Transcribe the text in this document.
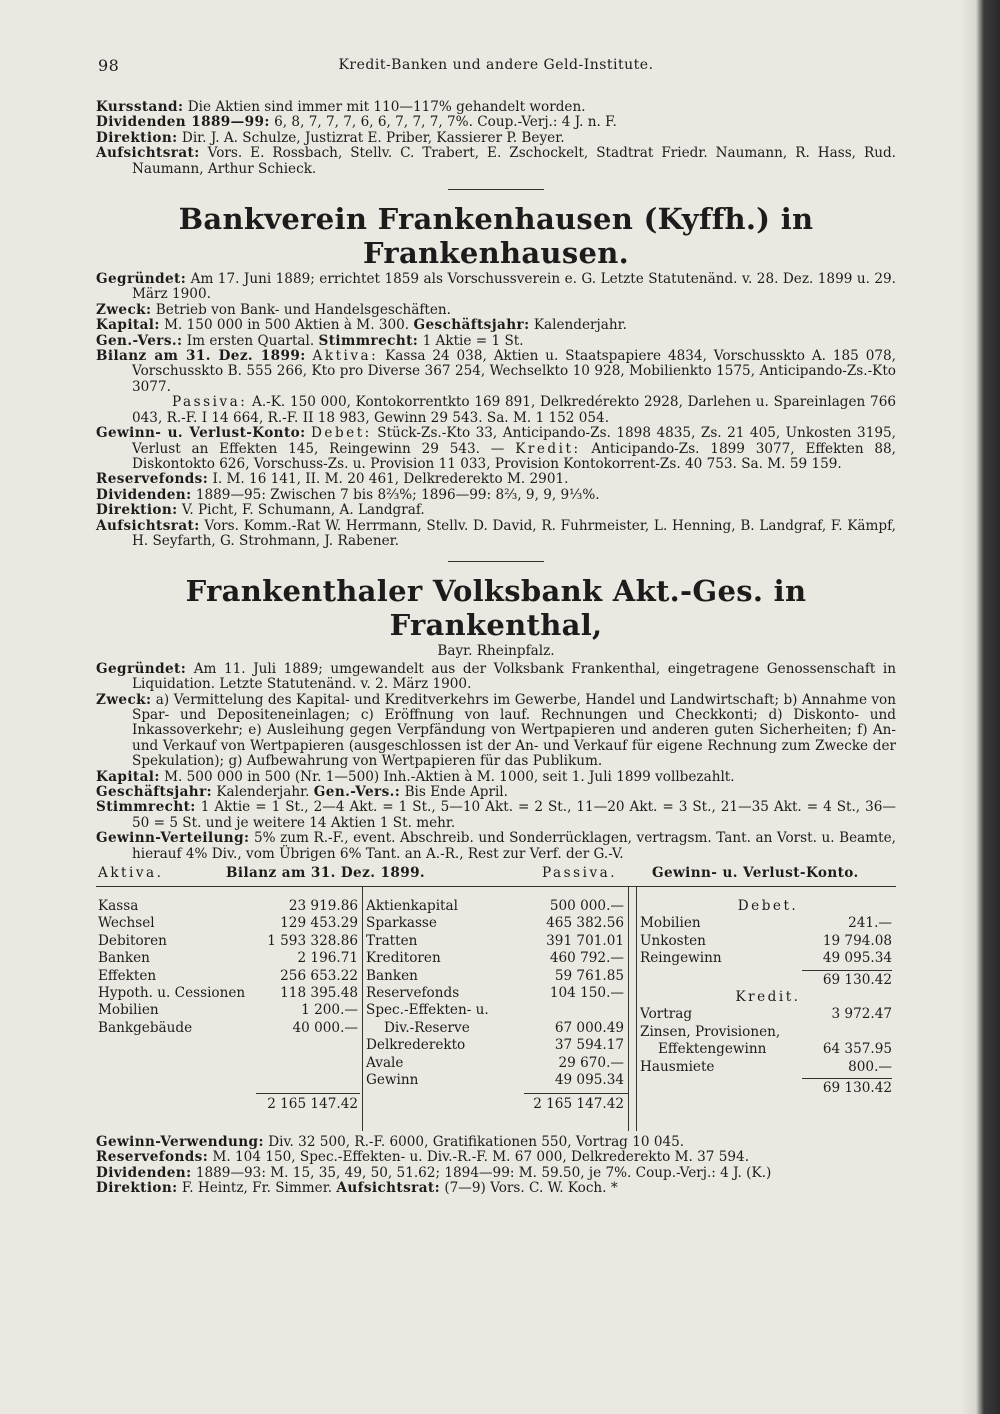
98	Kredit-Banken und andere Geld-Institute.

Kursstand: Die Aktien sind immer mit 110—117% gehandelt worden.

Dividenden 1889—99: 6, 8, 7, 7, 7, 6, 6, 7, 7, 7, 7%. Coup.-Verj.: 4 J. n. F.

Direktion: Dir. J. A. Schulze, Justizrat E. Priber, Kassierer P. Beyer.

Aufsichtsrat: Vors. E. Rossbach, Stellv. C. Trabert, E. Zschockelt, Stadtrat Friedr. Naumann, R. Hass, Rud. Naumann, Arthur Schieck.

Bankverein Frankenhausen (Kyffh.) in Frankenhausen.

Gegründet: Am 17. Juni 1889; errichtet 1859 als Vorschussverein e. G. Letzte Statutenänd. v. 28. Dez. 1899 u. 29. März 1900.

Zweck: Betrieb von Bank- und Handelsgeschäften.

Kapital: M. 150 000 in 500 Aktien à M. 300. Geschäftsjahr: Kalenderjahr.

Gen.-Vers.: Im ersten Quartal. Stimmrecht: 1 Aktie = 1 St.

Bilanz am 31. Dez. 1899: Aktiva: Kassa 24 038, Aktien u. Staatspapiere 4834, Vorschusskto A. 185 078, Vorschusskto B. 555 266, Kto pro Diverse 367 254, Wechselkto 10 928, Mobilienkto 1575, Anticipando-Zs.-Kto 3077.

Passiva: A.-K. 150 000, Kontokorrentkto 169 891, Delkredérekto 2928, Darlehen u. Spareinlagen 766 043, R.-F. I 14 664, R.-F. II 18 983, Gewinn 29 543. Sa. M. 1 152 054.

Gewinn- u. Verlust-Konto: Debet: Stück-Zs.-Kto 33, Anticipando-Zs. 1898 4835, Zs. 21 405, Unkosten 3195, Verlust an Effekten 145, Reingewinn 29 543. — Kredit: Anticipando-Zs. 1899 3077, Effekten 88, Diskontokto 626, Vorschuss-Zs. u. Provision 11 033, Provision Kontokorrent-Zs. 40 753. Sa. M. 59 159.

Reservefonds: I. M. 16 141, II. M. 20 461, Delkrederekto M. 2901.

Dividenden: 1889—95: Zwischen 7 bis 8⅔%; 1896—99: 8⅔, 9, 9, 9⅓%.

Direktion: V. Picht, F. Schumann, A. Landgraf.

Aufsichtsrat: Vors. Komm.-Rat W. Herrmann, Stellv. D. David, R. Fuhrmeister, L. Henning, B. Landgraf, F. Kämpf, H. Seyfarth, G. Strohmann, J. Rabener.

Frankenthaler Volksbank Akt.-Ges. in Frankenthal,
Bayr. Rheinpfalz.

Gegründet: Am 11. Juli 1889; umgewandelt aus der Volksbank Frankenthal, eingetragene Genossenschaft in Liquidation. Letzte Statutenänd. v. 2. März 1900.

Zweck: a) Vermittelung des Kapital- und Kreditverkehrs im Gewerbe, Handel und Landwirtschaft; b) Annahme von Spar- und Depositeneinlagen; c) Eröffnung von lauf. Rechnungen und Checkkonti; d) Diskonto- und Inkassoverkehr; e) Ausleihung gegen Verpfändung von Wertpapieren und anderen guten Sicherheiten; f) An- und Verkauf von Wertpapieren (ausgeschlossen ist der An- und Verkauf für eigene Rechnung zum Zwecke der Spekulation); g) Aufbewahrung von Wertpapieren für das Publikum.

Kapital: M. 500 000 in 500 (Nr. 1—500) Inh.-Aktien à M. 1000, seit 1. Juli 1899 vollbezahlt.

Geschäftsjahr: Kalenderjahr. Gen.-Vers.: Bis Ende April.

Stimmrecht: 1 Aktie = 1 St., 2—4 Akt. = 1 St., 5—10 Akt. = 2 St., 11—20 Akt. = 3 St., 21—35 Akt. = 4 St., 36—50 = 5 St. und je weitere 14 Aktien 1 St. mehr.

Gewinn-Verteilung: 5% zum R.-F., event. Abschreib. und Sonderrücklagen, vertragsm. Tant. an Vorst. u. Beamte, hierauf 4% Div., vom Übrigen 6% Tant. an A.-R., Rest zur Verf. der G.-V.

Aktiva.	Bilanz am 31. Dez. 1899.	Passiva.	Gewinn- u. Verlust-Konto.
Kassa	23 919.86
Wechsel	129 453.29
Debitoren	1 593 328.86
Banken	2 196.71
Effekten	256 653.22
Hypoth. u. Cessionen	118 395.48
Mobilien	1 200.—
Bankgebäude	40 000.—
2 165 147.42
Aktienkapital	500 000.—
Sparkasse	465 382.56
Tratten	391 701.01
Kreditoren	460 792.—
Banken	59 761.85
Reservefonds	104 150.—
Spec.-Effekten- u.
Div.-Reserve	67 000.49
Delkrederekto	37 594.17
Avale	29 670.—
Gewinn	49 095.34
2 165 147.42
Debet.
Mobilien	241.—
Unkosten	19 794.08
Reingewinn	49 095.34
69 130.42
Kredit.
Vortrag	3 972.47
Zinsen, Provisionen,
Effektengewinn	64 357.95
Hausmiete	800.—
69 130.42

Gewinn-Verwendung: Div. 32 500, R.-F. 6000, Gratifikationen 550, Vortrag 10 045.

Reservefonds: M. 104 150, Spec.-Effekten- u. Div.-R.-F. M. 67 000, Delkrederekto M. 37 594.

Dividenden: 1889—93: M. 15, 35, 49, 50, 51.62; 1894—99: M. 59.50, je 7%. Coup.-Verj.: 4 J. (K.)

Direktion: F. Heintz, Fr. Simmer. Aufsichtsrat: (7—9) Vors. C. W. Koch. *
